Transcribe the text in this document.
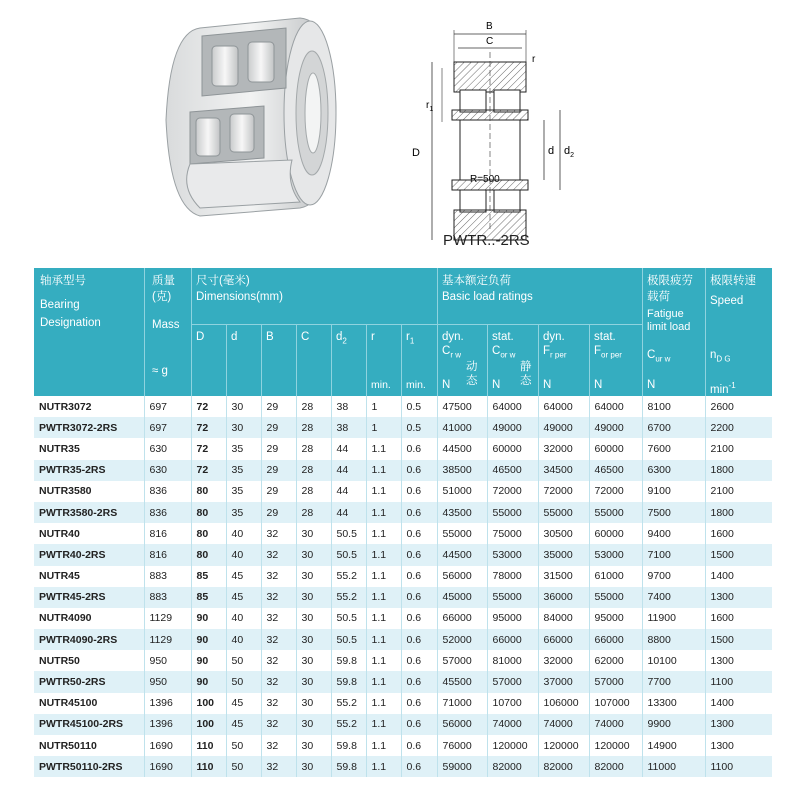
B
C
r
D
$r_1$
d $d_2$
PWTR..-2RS
轴承型号
Bearing
Designation
质量
(克)
Mass
≈ g
尺寸(毫米)
Dimensions(mm)
D d B C $d_2$ r	$r_1$
min. min.
基本额定负荷
Basic load ratings
dyn.
$C_{r w}$
动
态
N
stat.
$C_{or w}$
静
态
N
dyn.
$F_{r per}$
N
stat.
$F_{or per}$
N
极限疲劳
载荷
Fatigue
limit load
$C_{ur w}$
N
极限转速
Speed
$n_{D G}$
$\min^{-1}$
NUTR3072	697	72	30	29	28	38	1	0.5	47500	64000	64000	64000	8100	2600
PWTR3072-2RS	697	72	30	29	28	38	1	0.5	41000	49000	49000	49000	6700	2200
NUTR35	630	72	35	29	28	44	1.1	0.6	44500	60000	32000	60000	7600	2100
PWTR35-2RS	630	72	35	29	28	44	1.1	0.6	38500	46500	34500	46500	6300	1800
NUTR3580	836	80	35	29	28	44	1.1	0.6	51000	72000	72000	72000	9100	2100
PWTR3580-2RS	836	80	35	29	28	44	1.1	0.6	43500	55000	55000	55000	7500	1800
NUTR40	816	80	40	32	30	50.5	1.1	0.6	55000	75000	30500	60000	9400	1600
PWTR40-2RS	816	80	40	32	30	50.5	1.1	0.6	44500	53000	35000	53000	7100	1500
NUTR45	883	85	45	32	30	55.2	1.1	0.6	56000	78000	31500	61000	9700	1400
PWTR45-2RS	883	85	45	32	30	55.2	1.1	0.6	45000	55000	36000	55000	7400	1300
NUTR4090	1129	90	40	32	30	50.5	1.1	0.6	66000	95000	84000	95000	11900	1600
PWTR4090-2RS	1129	90	40	32	30	50.5	1.1	0.6	52000	66000	66000	66000	8800	1500
NUTR50	950	90	50	32	30	59.8	1.1	0.6	57000	81000	32000	62000	10100	1300
PWTR50-2RS	950	90	50	32	30	59.8	1.1	0.6	45500	57000	37000	57000	7700	1100
NUTR45100	1396	100	45	32	30	55.2	1.1	0.6	71000	10700	106000	107000	13300	1400
PWTR45100-2RS	1396	100	45	32	30	55.2	1.1	0.6	56000	74000	74000	74000	9900	1300
NUTR50110	1690	110	50	32	30	59.8	1.1	0.6	76000	120000	120000	120000	14900	1300
PWTR50110-2RS	1690	110	50	32	30	59.8	1.1	0.6	59000	82000	82000	82000	11000	1100
